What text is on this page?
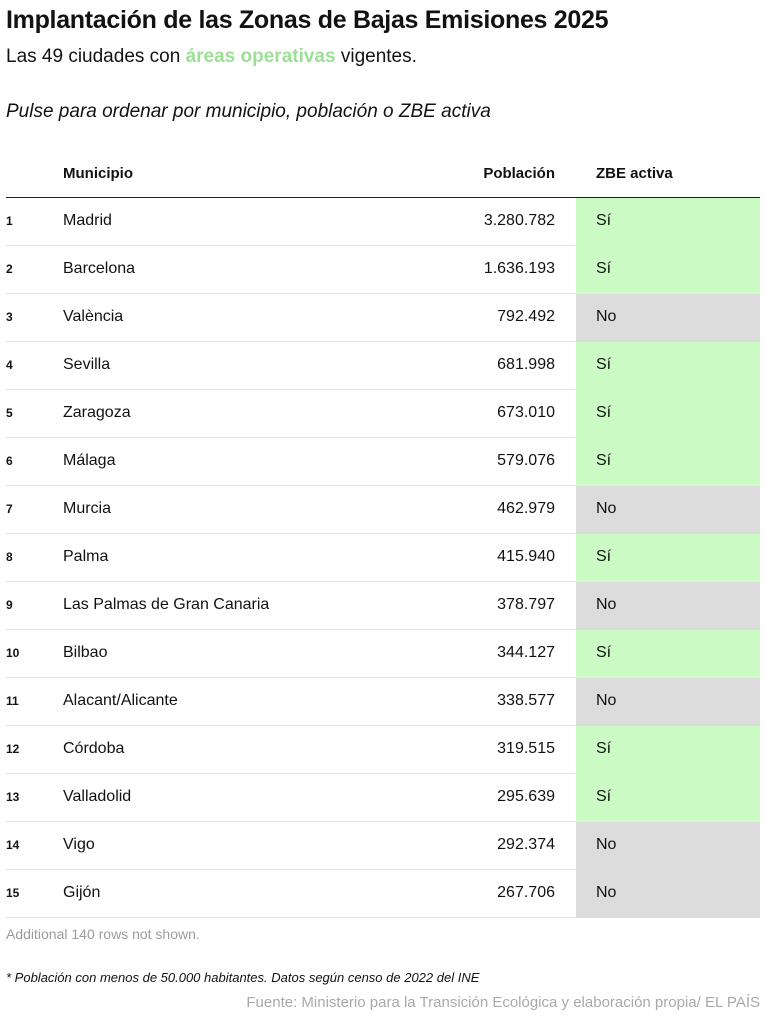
Implantación de las Zonas de Bajas Emisiones 2025
Las 49 ciudades con áreas operativas vigentes.
Pulse para ordenar por municipio, población o ZBE activa
Municipio	Población	ZBE activa
1	Madrid	3.280.782	Sí
2	Barcelona	1.636.193	Sí
3	València	792.492	No
4	Sevilla	681.998	Sí
5	Zaragoza	673.010	Sí
6	Málaga	579.076	Sí
7	Murcia	462.979	No
8	Palma	415.940	Sí
9	Las Palmas de Gran Canaria	378.797	No
10	Bilbao	344.127	Sí
11	Alacant/Alicante	338.577	No
12	Córdoba	319.515	Sí
13	Valladolid	295.639	Sí
14	Vigo	292.374	No
15	Gijón	267.706	No
Additional 140 rows not shown.
* Población con menos de 50.000 habitantes. Datos según censo de 2022 del INE
Fuente: Ministerio para la Transición Ecológica y elaboración propia/ EL PAÍS
